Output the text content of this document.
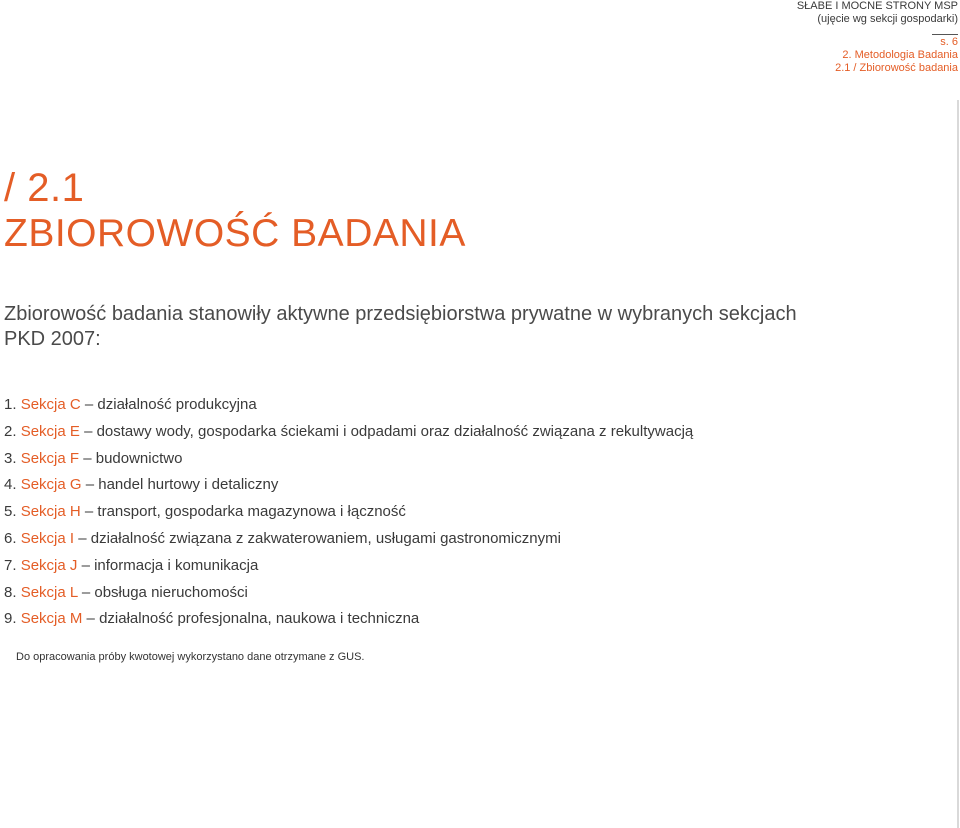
SŁABE I MOCNE STRONY MSP
(ujęcie wg sekcji gospodarki)
s. 6
2. Metodologia Badania
2.1 / Zbiorowość badania
/ 2.1
ZBIOROWOŚĆ BADANIA
Zbiorowość badania stanowiły aktywne przedsiębiorstwa prywatne w wybranych sekcjach PKD 2007:
1. Sekcja C – działalność produkcyjna
2. Sekcja E – dostawy wody, gospodarka ściekami i odpadami oraz działalność związana z rekultywacją
3. Sekcja F – budownictwo
4. Sekcja G – handel hurtowy i detaliczny
5. Sekcja H – transport, gospodarka magazynowa i łączność
6. Sekcja I – działalność związana z zakwaterowaniem, usługami gastronomicznymi
7. Sekcja J – informacja i komunikacja
8. Sekcja L – obsługa nieruchomości
9. Sekcja M – działalność profesjonalna, naukowa i techniczna
Do opracowania próby kwotowej wykorzystano dane otrzymane z GUS.
